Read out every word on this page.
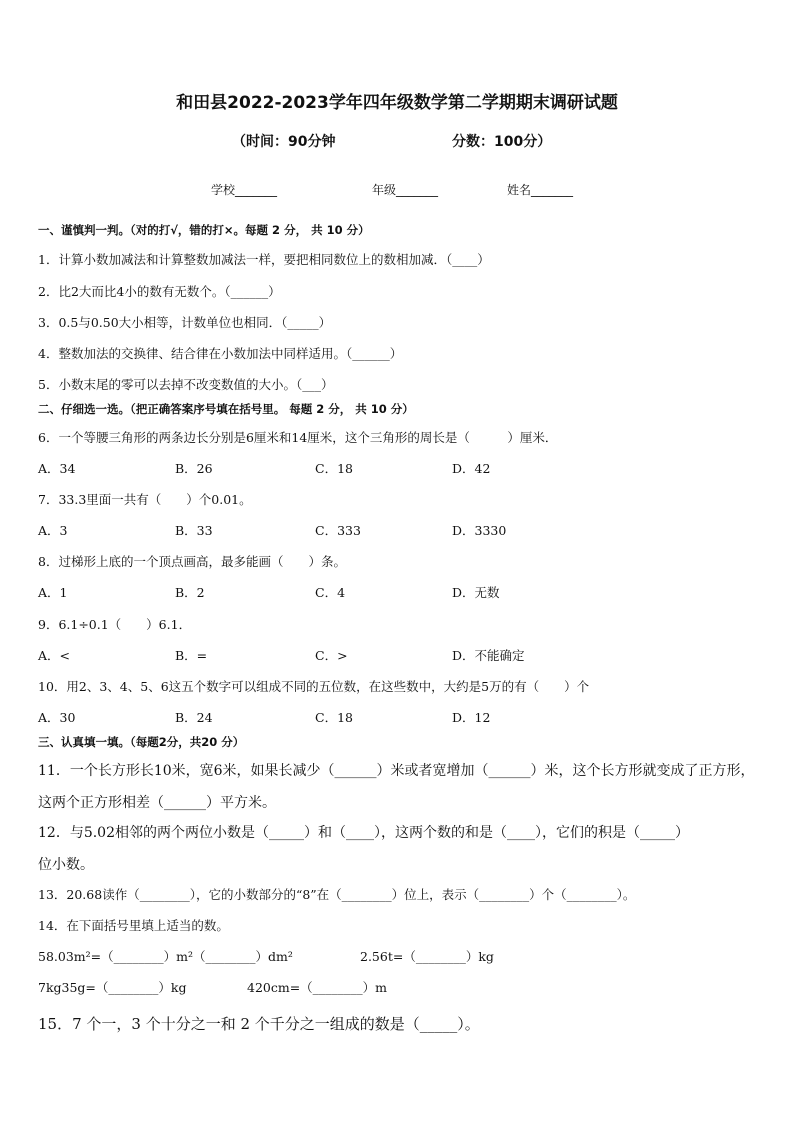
和田县2022-2023学年四年级数学第二学期期末调研试题
（时间：90分钟	分数：100分）
学校_______	年级_______	姓名_______
一、谨慎判一判。（对的打√，错的打×。每题 2 分， 共 10 分）
1．计算小数加减法和计算整数加减法一样，要把相同数位上的数相加减．（____）
2．比2大而比4小的数有无数个。（______）
3．0.5与0.50大小相等，计数单位也相同．（_____）
4．整数加法的交换律、结合律在小数加法中同样适用。（______）
5．小数末尾的零可以去掉不改变数值的大小。（___）
二、仔细选一选。（把正确答案序号填在括号里。 每题 2 分， 共 10 分）
6．一个等腰三角形的两条边长分别是6厘米和14厘米，这个三角形的周长是（　　　）厘米．
A．34	B．26	C．18	D．42
7．33.3里面一共有（　　）个0.01。
A．3	B．33	C．333	D．3330
8．过梯形上底的一个顶点画高，最多能画（　　）条。
A．1	B．2	C．4	D．无数
9．6.1÷0.1（　　）6.1．
A．<	B．=	C．>	D．不能确定
10．用2、3、4、5、6这五个数字可以组成不同的五位数，在这些数中，大约是5万的有（　　）个
A．30	B．24	C．18	D．12
三、认真填一填。（每题2分，共20 分）
11．一个长方形长10米，宽6米，如果长减少（______）米或者宽增加（______）米，这个长方形就变成了正方形，
这两个正方形相差（______）平方米。
12．与5.02相邻的两个两位小数是（_____）和（____），这两个数的和是（____），它们的积是（_____）
位小数。
13．20.68读作（________），它的小数部分的“8”在（________）位上，表示（________）个（________）。
14．在下面括号里填上适当的数。
58.03m²=（________）m²（________）dm²	2.56t=（________）kg
7kg35g=（________）kg	420cm=（________）m
15．7 个一，3 个十分之一和 2 个千分之一组成的数是（_____）。
